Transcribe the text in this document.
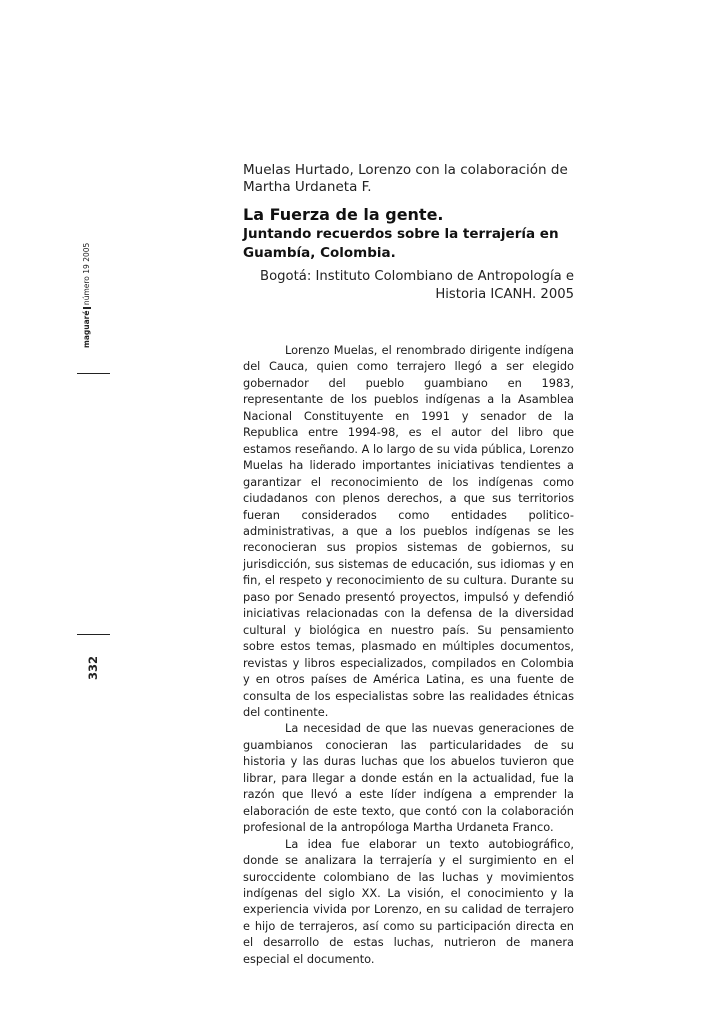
maguaré
número 19

2005
332
Muelas Hurtado, Lorenzo con la colaboración de Martha Urdaneta F.
La Fuerza de la gente.
Juntando recuerdos sobre la terrajería en Guambía, Colombia.
Bogotá: Instituto Colombiano de Antropología e
Historia ICANH. 2005

Lorenzo Muelas, el renombrado dirigente indígena del Cauca, quien como terrajero llegó a ser elegido gobernador del pueblo guambiano en 1983, representante de los pueblos indígenas a la Asamblea Nacional Constituyente en 1991 y senador de la Republica entre 1994-98, es el autor del libro que estamos reseñando. A lo largo de su vida pública, Lorenzo Muelas ha liderado importantes iniciativas tendientes a garantizar el reconocimiento de los indígenas como ciudadanos con plenos derechos, a que sus territorios fueran considerados como entidades politico-administrativas, a que a los pueblos indígenas se les reconocieran sus propios sistemas de gobiernos, su jurisdicción, sus sistemas de educación, sus idiomas y en fin, el respeto y reconocimiento de su cultura. Durante su paso por Senado presentó proyectos, impulsó y defendió iniciativas relacionadas con la defensa de la diversidad cultural y biológica en nuestro país. Su pensamiento sobre estos temas, plasmado en múltiples documentos, revistas y libros especializados, compilados en Colombia y en otros países de América Latina, es una fuente de consulta de los especialistas sobre las realidades étnicas del continente.

La necesidad de que las nuevas generaciones de guambianos conocieran las particularidades de su historia y las duras luchas que los abuelos tuvieron que librar, para llegar a donde están en la actualidad, fue la razón que llevó a este líder indígena a emprender la elaboración de este texto, que contó con la colaboración profesional de la antropóloga Martha Urdaneta Franco.

La idea fue elaborar un texto autobiográfico, donde se analizara la terrajería y el surgimiento en el suroccidente colombiano de las luchas y movimientos indígenas del siglo XX. La visión, el conocimiento y la experiencia vivida por Lorenzo, en su calidad de terrajero e hijo de terrajeros, así como su participación directa en el desarrollo de estas luchas, nutrieron de manera especial el documento.
